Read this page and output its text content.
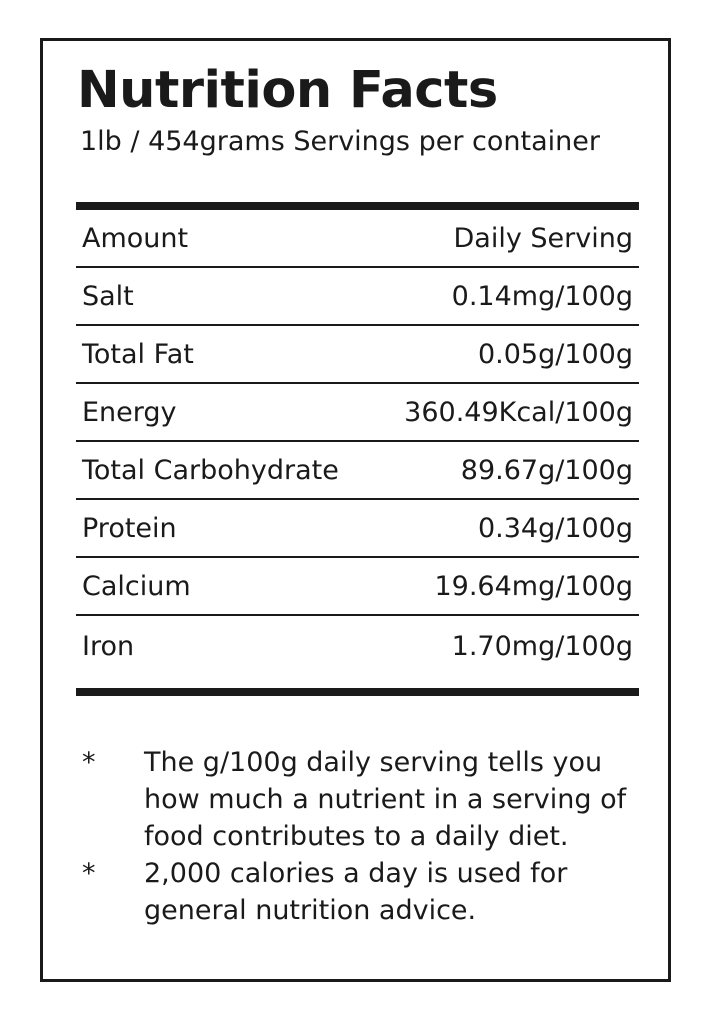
Nutrition Facts
1lb / 454grams Servings per container
Amount	Daily Serving
Salt	0.14mg/100g
Total Fat	0.05g/100g
Energy	360.49Kcal/100g
Total Carbohydrate	89.67g/100g
Protein	0.34g/100g
Calcium	19.64mg/100g
Iron	1.70mg/100g
*	The g/100g daily serving tells you how much a nutrient in a serving of food contributes to a daily diet.
*	2,000 calories a day is used for general nutrition advice.
